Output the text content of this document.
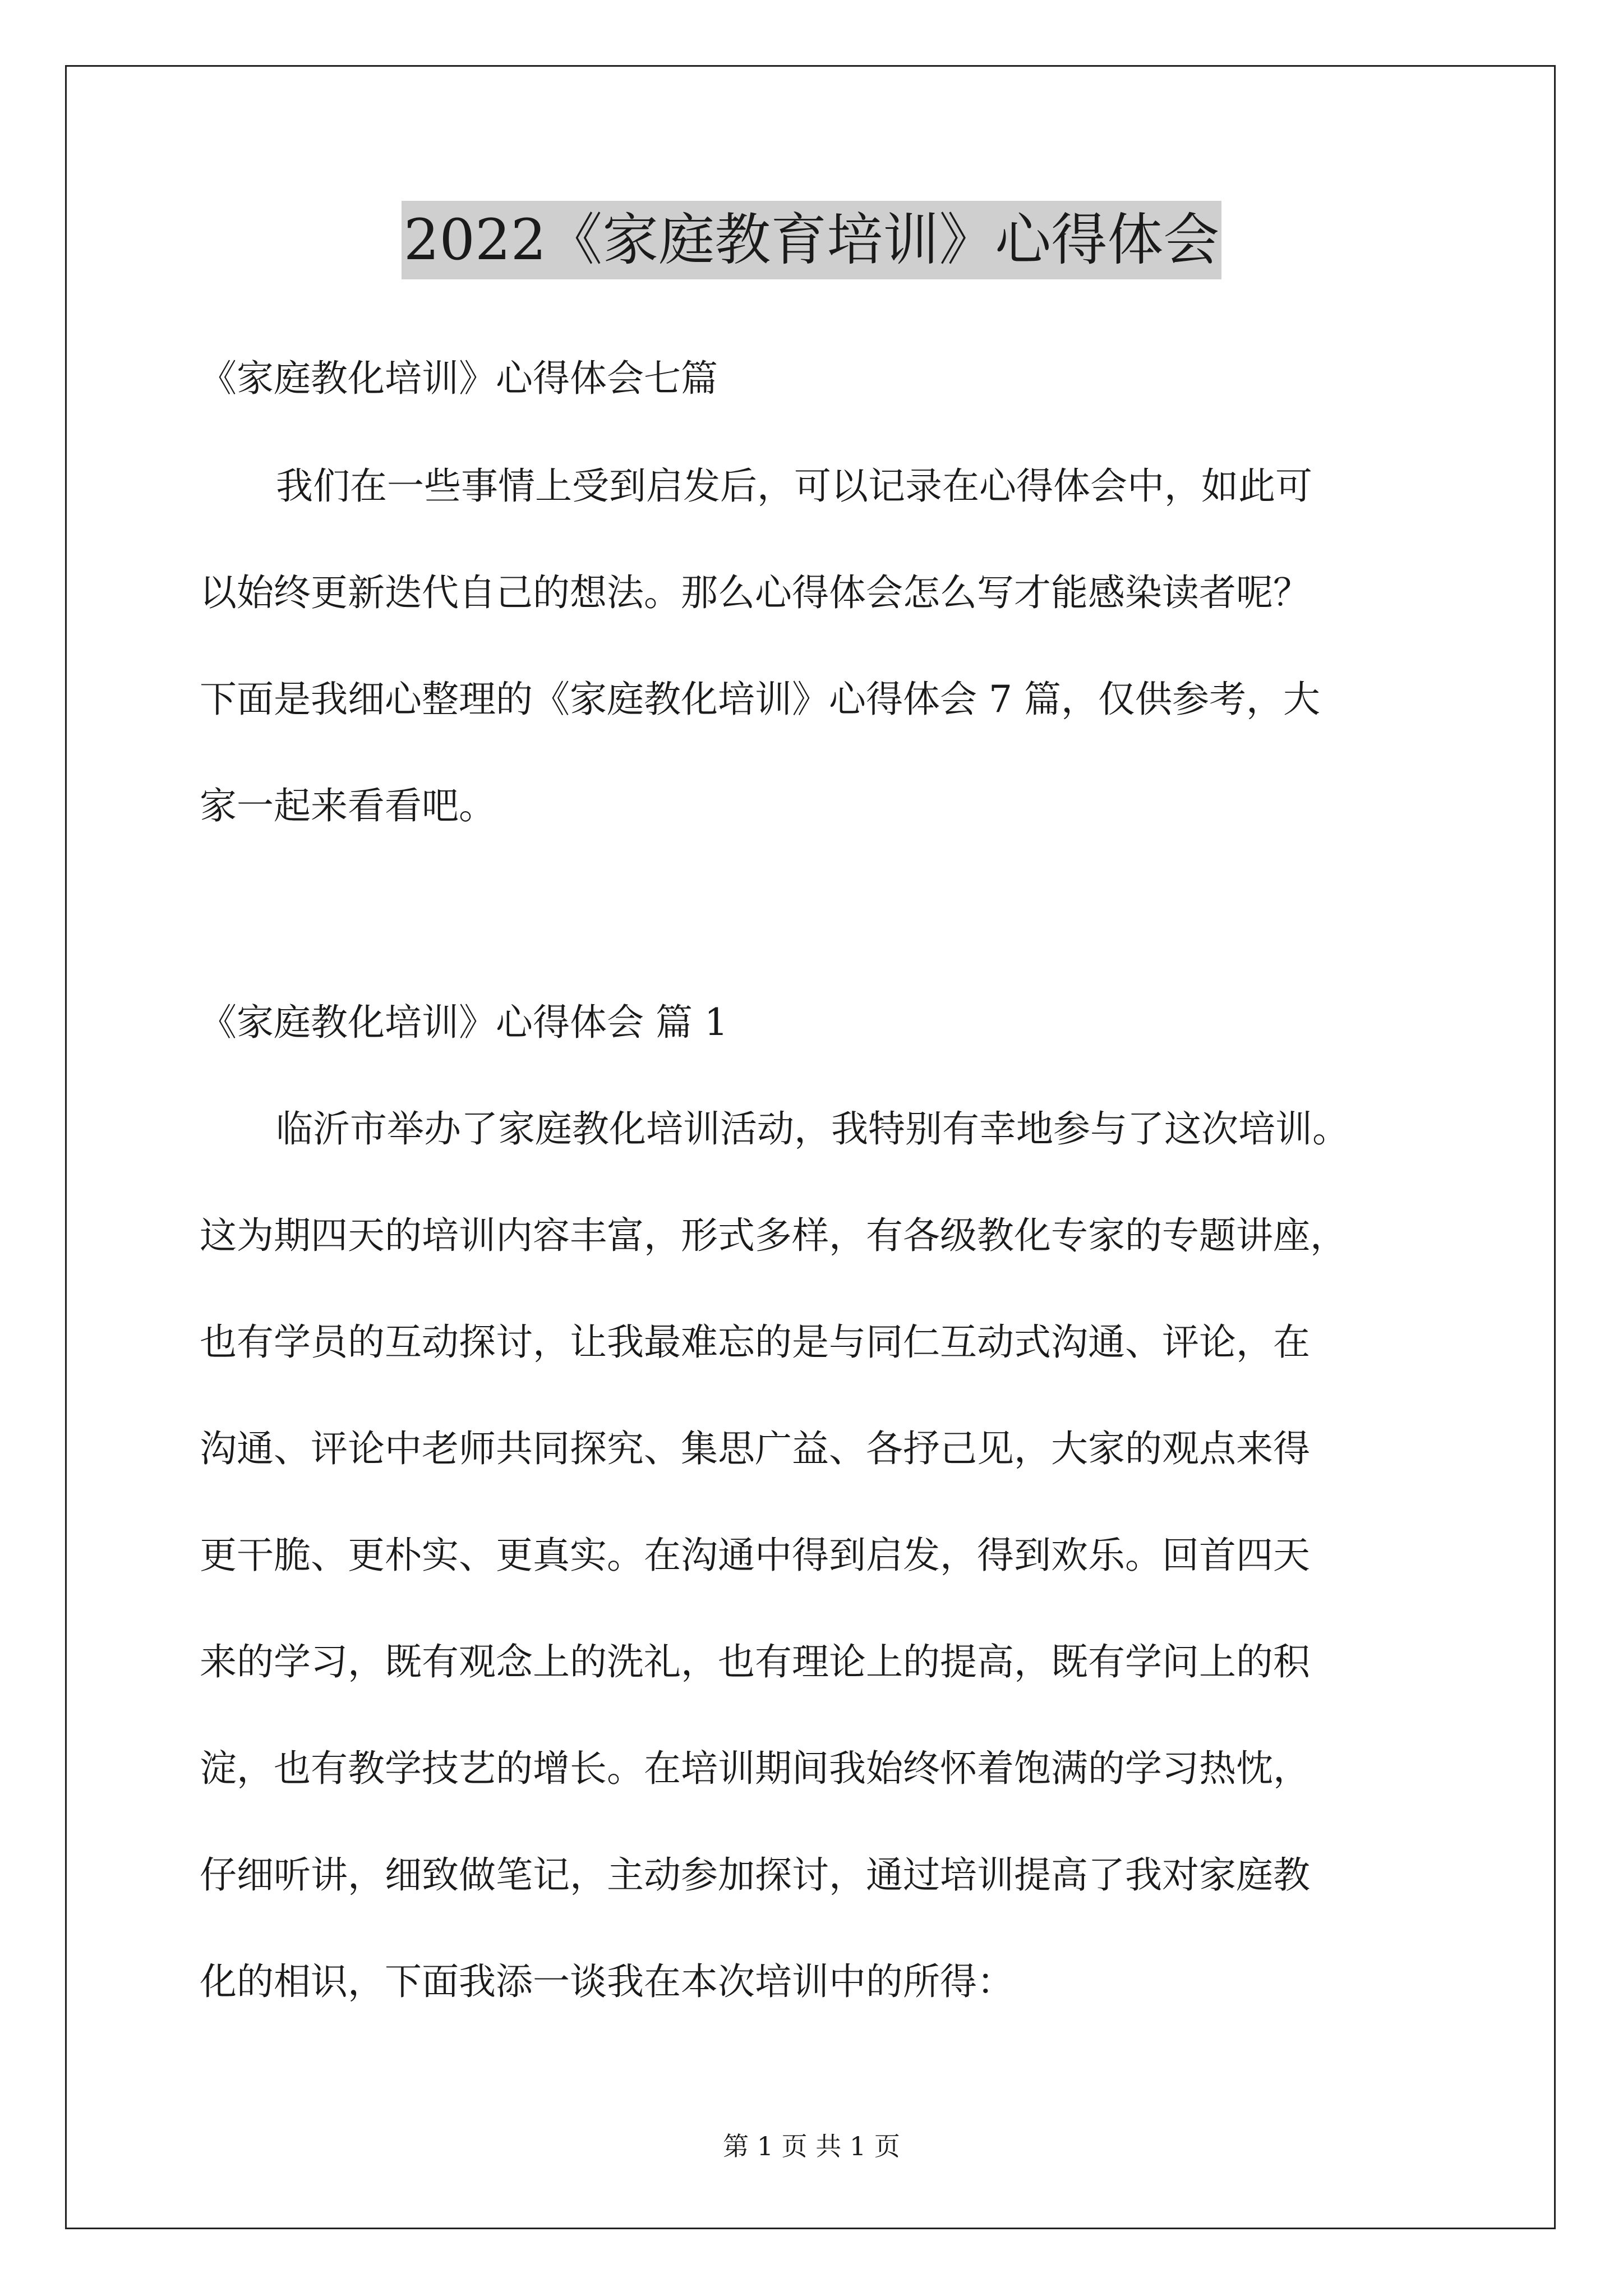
2022《家庭教育培训》心得体会
《家庭教化培训》心得体会七篇
我们在一些事情上受到启发后，可以记录在心得体会中，如此可
以始终更新迭代自己的想法。那么心得体会怎么写才能感染读者呢？
下面是我细心整理的《家庭教化培训》心得体会 7 篇，仅供参考，大
家一起来看看吧。
《家庭教化培训》心得体会 篇 1
临沂市举办了家庭教化培训活动，我特别有幸地参与了这次培训。
这为期四天的培训内容丰富，形式多样，有各级教化专家的专题讲座，
也有学员的互动探讨，让我最难忘的是与同仁互动式沟通、评论，在
沟通、评论中老师共同探究、集思广益、各抒己见，大家的观点来得
更干脆、更朴实、更真实。在沟通中得到启发，得到欢乐。回首四天
来的学习，既有观念上的洗礼，也有理论上的提高，既有学问上的积
淀，也有教学技艺的增长。在培训期间我始终怀着饱满的学习热忱，
仔细听讲，细致做笔记，主动参加探讨，通过培训提高了我对家庭教
化的相识，下面我添一谈我在本次培训中的所得：
第 1 页 共 1 页
